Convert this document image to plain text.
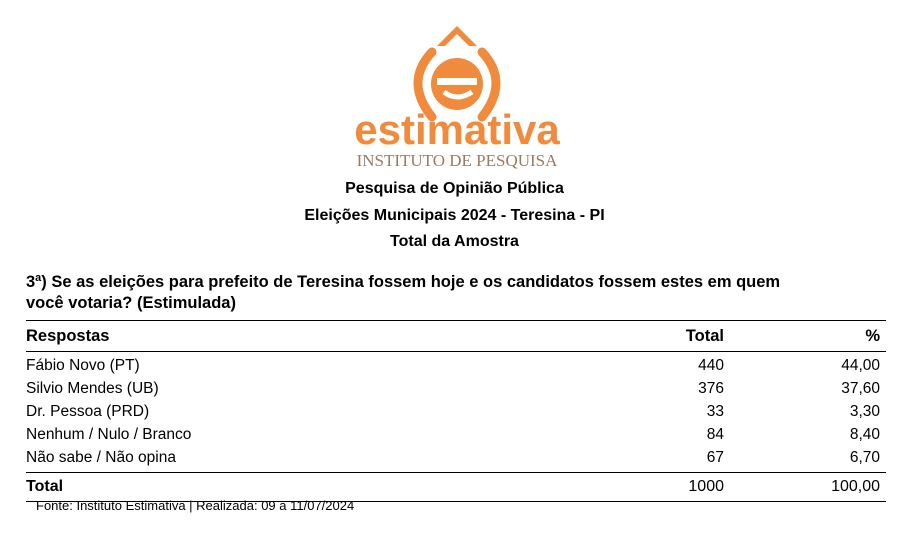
estimativa
INSTITUTO DE PESQUISA
Pesquisa de Opinião Pública
Eleições Municipais 2024 - Teresina - PI
Total da Amostra
3ª) Se as eleições para prefeito de Teresina fossem hoje e os candidatos fossem estes em quem
você votaria? (Estimulada)
Respostas	Total	%
Fábio Novo (PT)	440	44,00
Silvio Mendes (UB)	376	37,60
Dr. Pessoa (PRD)	33	3,30
Nenhum / Nulo / Branco	84	8,40
Não sabe / Não opina	67	6,70
Total	1000	100,00
Fonte: Instituto Estimativa | Realizada: 09 a 11/07/2024
